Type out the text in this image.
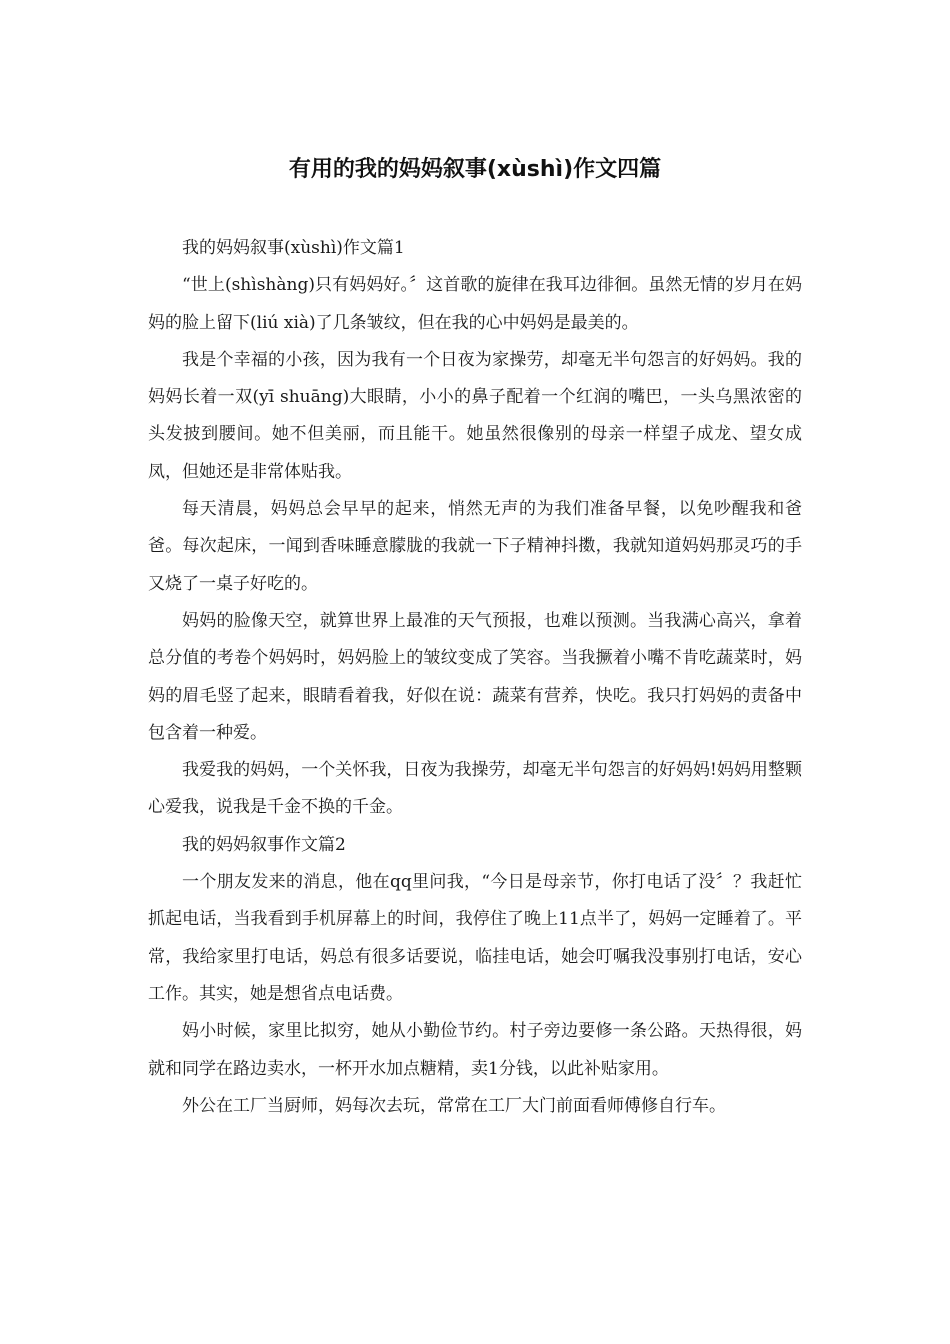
有用的我的妈妈叙事(xùshì)作文四篇

我的妈妈叙事(xùshì)作文篇1

“世上(shìshàng)只有妈妈好。〞这首歌的旋律在我耳边徘徊。虽然无情的岁月在妈妈的脸上留下(liú xià)了几条皱纹，但在我的心中妈妈是最美的。

我是个幸福的小孩，因为我有一个日夜为家操劳，却毫无半句怨言的好妈妈。我的妈妈长着一双(yī shuāng)大眼睛，小小的鼻子配着一个红润的嘴巴，一头乌黑浓密的头发披到腰间。她不但美丽，而且能干。她虽然很像别的母亲一样望子成龙、望女成凤，但她还是非常体贴我。

每天清晨，妈妈总会早早的起来，悄然无声的为我们准备早餐，以免吵醒我和爸爸。每次起床，一闻到香味睡意朦胧的我就一下子精神抖擞，我就知道妈妈那灵巧的手又烧了一桌子好吃的。

妈妈的脸像天空，就算世界上最准的天气预报，也难以预测。当我满心高兴，拿着总分值的考卷个妈妈时，妈妈脸上的皱纹变成了笑容。当我撅着小嘴不肯吃蔬菜时，妈妈的眉毛竖了起来，眼睛看着我，好似在说：蔬菜有营养，快吃。我只打妈妈的责备中包含着一种爱。

我爱我的妈妈，一个关怀我，日夜为我操劳，却毫无半句怨言的好妈妈!妈妈用整颗心爱我，说我是千金不换的千金。

我的妈妈叙事作文篇2

一个朋友发来的消息，他在qq里问我，“今日是母亲节，你打电话了没〞？我赶忙抓起电话，当我看到手机屏幕上的时间，我停住了晚上11点半了，妈妈一定睡着了。平常，我给家里打电话，妈总有很多话要说，临挂电话，她会叮嘱我没事别打电话，安心工作。其实，她是想省点电话费。

妈小时候，家里比拟穷，她从小勤俭节约。村子旁边要修一条公路。天热得很，妈就和同学在路边卖水，一杯开水加点糖精，卖1分钱，以此补贴家用。

外公在工厂当厨师，妈每次去玩，常常在工厂大门前面看师傅修自行车。
